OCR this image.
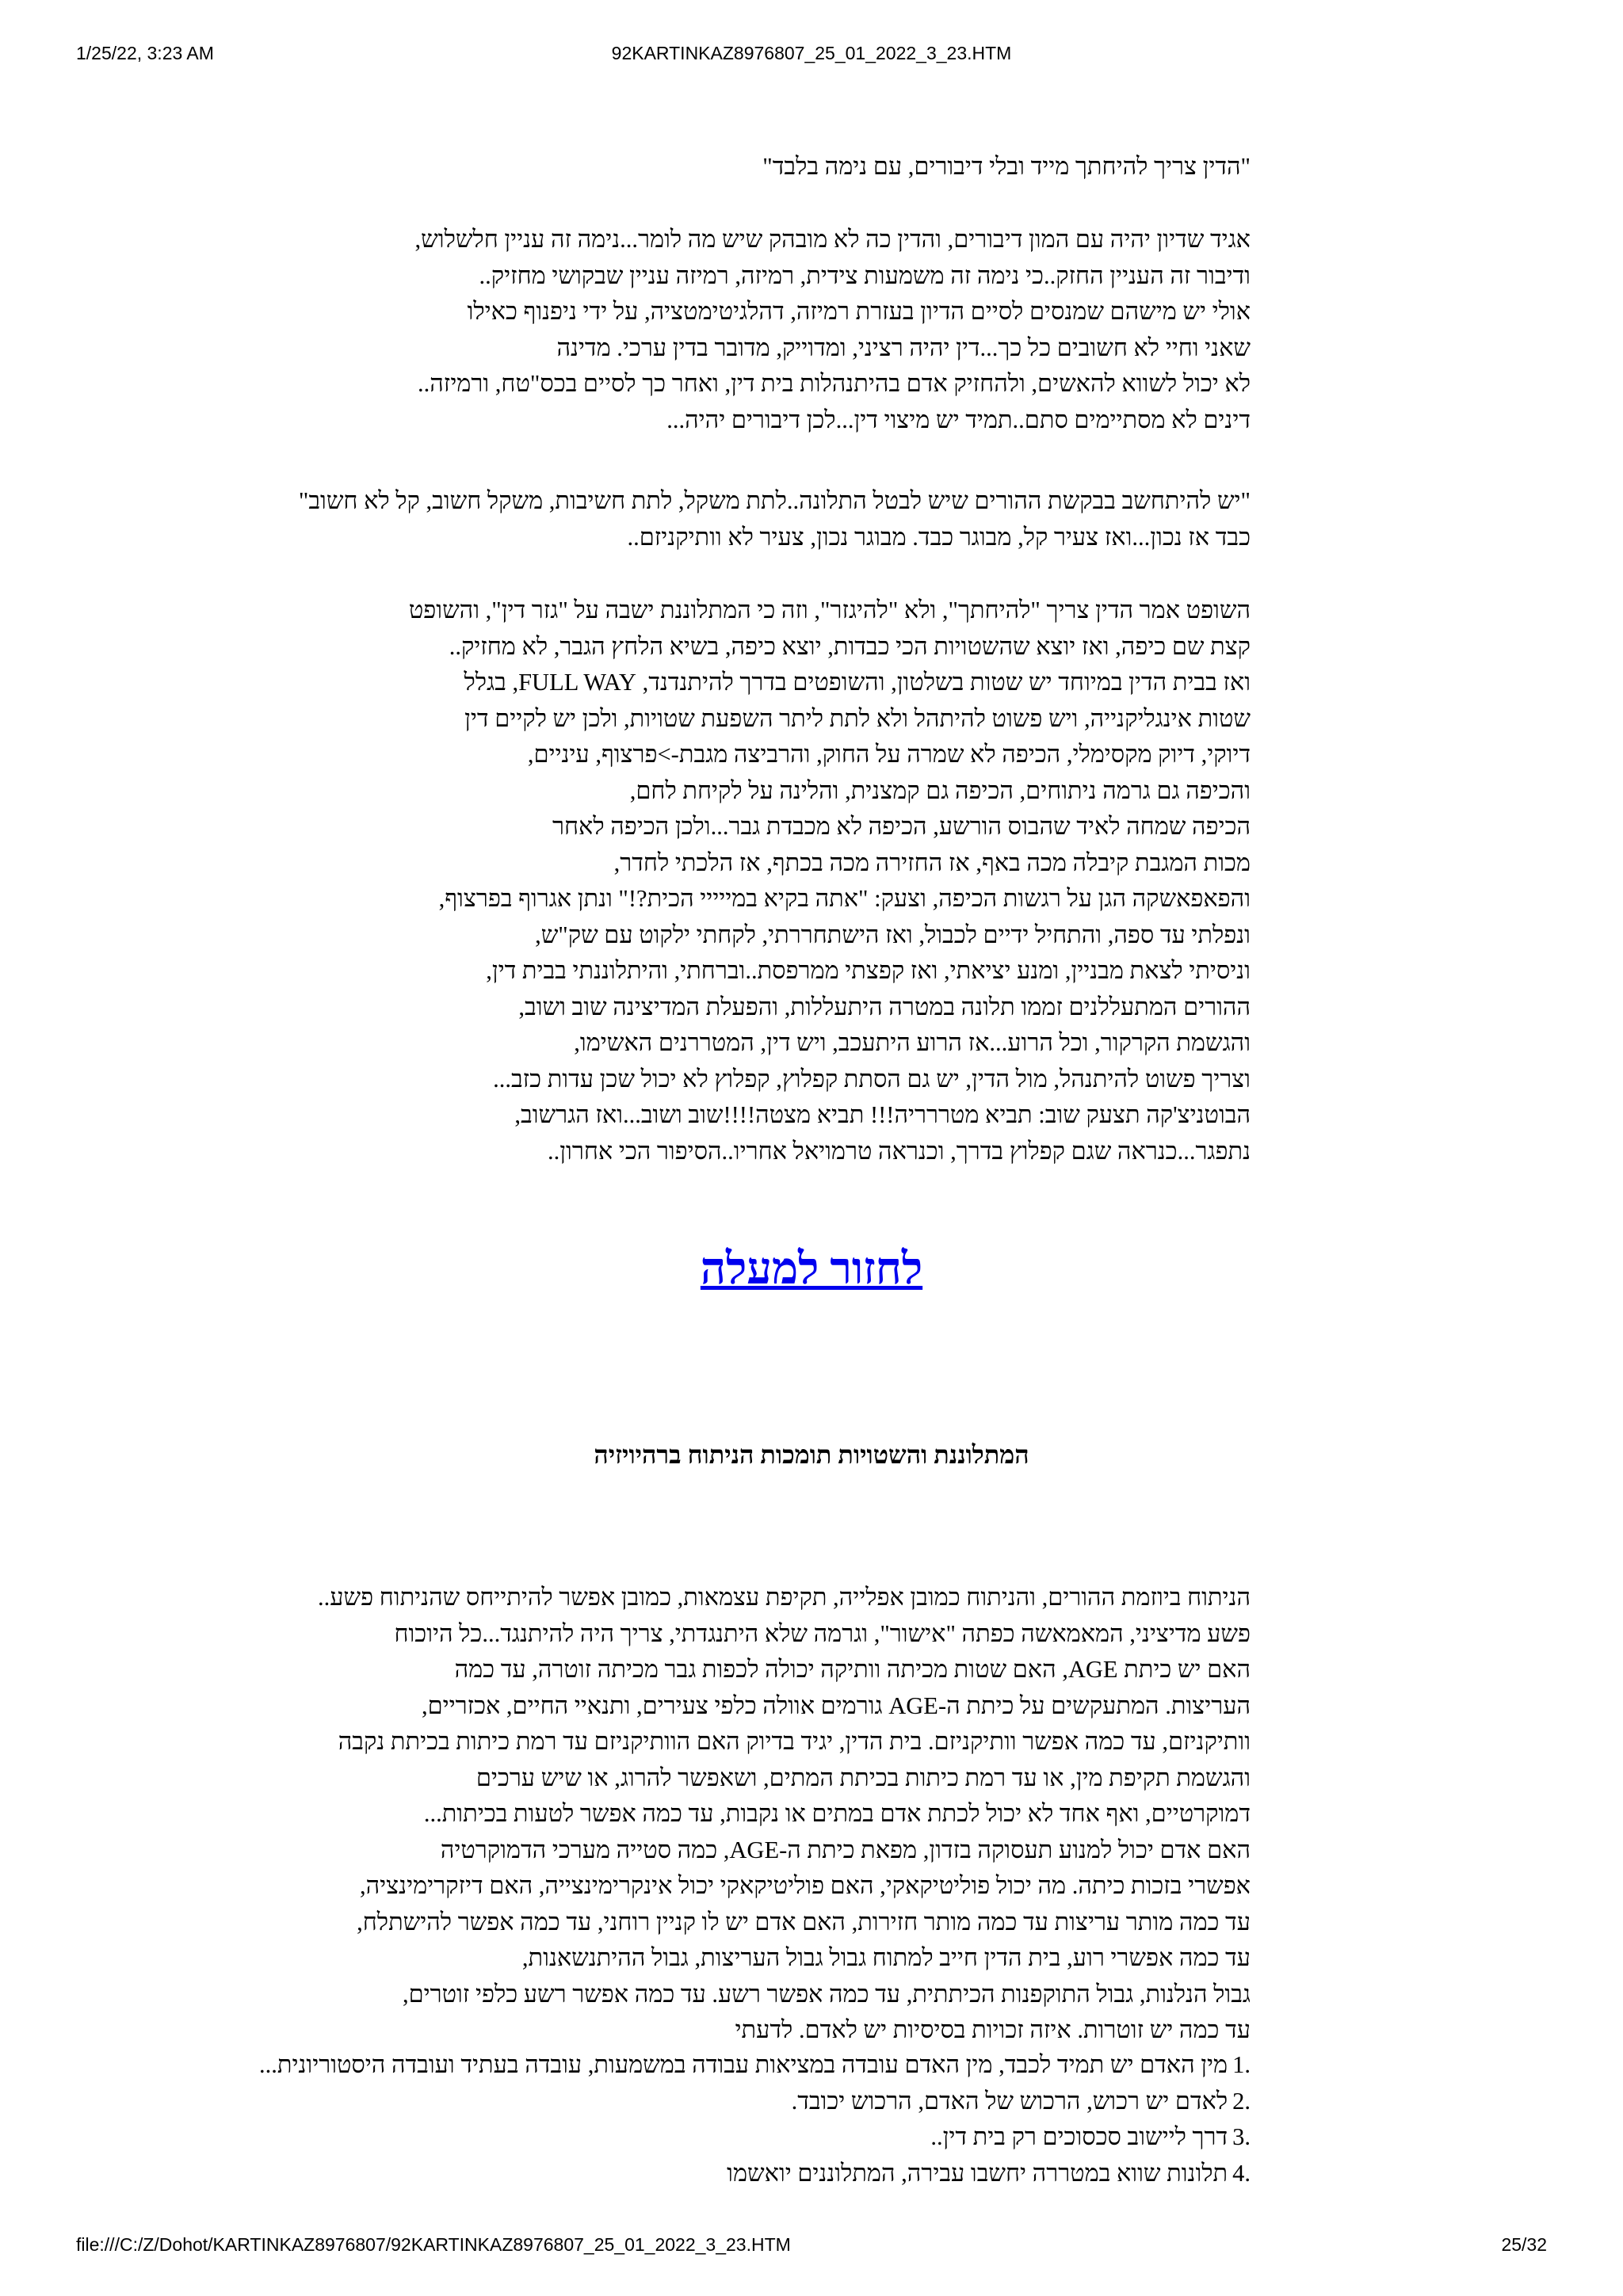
1/25/22, 3:23 AM	92KARTINKAZ8976807_25_01_2022_3_23.HTM
"הדין צריך להיחתך מייד ובלי דיבורים, עם נימה בלבד"
אגיד שדיון יהיה עם המון דיבורים, והדין כה לא מובהק שיש מה לומר...נימה זה עניין חלשלוש,
ודיבור זה העניין החזק..כי נימה זה משמעות צידית, רמיזה, רמיזה עניין שבקושי מחזיק..
אולי יש מישהם שמנסים לסיים הדיון בעזרת רמיזה, דהלגיטימטציה, על ידי ניפנוף כאילו
שאני וחיי לא חשובים כל כך...דין יהיה רציני, ומדוייק, מדובר בדין ערכי. מדינה
לא יכול לשווא להאשים, ולהחזיק אדם בהיתנהלות בית דין, ואחר כך לסיים בכס"טח, ורמיזה..
דינים לא מסתיימים סתם..תמיד יש מיצוי דין...לכן דיבורים יהיה...
"יש להיתחשב בבקשת ההורים שיש לבטל התלונה..לתת משקל, לתת חשיבות, משקל חשוב, קל לא חשוב"
כבד אז נכון...ואז צעיר קל, מבוגר כבד. מבוגר נכון, צעיר לא וותיקניזם..
השופט אמר הדין צריך "להיחתך", ולא "להיגזר", וזה כי המתלוננת ישבה על "גזר דין", והשופט
קצת שם כיפה, ואז יוצא שהשטויות הכי כבדות, יוצא כיפה, בשיא הלחץ הגבר, לא מחזיק..
ואז בבית הדין במיוחד יש שטות בשלטון, והשופטים בדרך להיתנדנד, FULL WAY, בגלל
שטות אינגליקנייה, ויש פשוט להיתהל ולא לתת ליתר השפעת שטויות, ולכן יש לקיים דין
דיוקי, דיוק מקסימלי, הכיפה לא שמרה על החוק, והרביצה מגבת->פרצוף, עיניים,
והכיפה גם גרמה ניתוחים, הכיפה גם קמצנית, והלינה על לקיחת לחם,
הכיפה שמחה לאיד שהבוס הורשע, הכיפה לא מכבדת גבר...ולכן הכיפה לאחר
מכות המגבת קיבלה מכה באף, אז החזירה מכה בכתף, אז הלכתי לחדר,
והפאפאשקה הגן על רגשות הכיפה, וצעק: "אתה בקיא במייייי הכית?!" ונתן אגרוף בפרצוף,
ונפלתי עד ספה, והתחיל ידיים לכבול, ואז הישתחררתי, לקחתי ילקוט עם שק"ש,
וניסיתי לצאת מבניין, ומנע יציאתי, ואז קפצתי ממרפסת..וברחתי, והיתלוננתי בבית דין,
ההורים המתעללנים זממו תלונה במטרה היתעללות, והפעלת המדיצינה שוב ושוב,
והגשמת הקרקור, וכל הרוע...אז הרוע היתעכב, ויש דין, המטררנים האשימו,
וצריך פשוט להיתנהל, מול הדין, יש גם הסתת קפלוץ, קפלוץ לא יכול שכן עדות כזב...
הבוטניצ'קה תצעק שוב: תביא מטררריה!!! תביא מצטה!!!!שוב ושוב...ואז הגרשוב,
נתפגר...כנראה שגם קפלוץ בדרך, וכנראה טרמויאל אחריו..הסיפור הכי אחרון..
לחזור למעלה
המתלוננת והשטויות תומכות הניתוח ברהיויזיה
הניתוח ביוזמת ההורים, והניתוח כמובן אפלייה, תקיפת עצמאות, כמובן אפשר להיתייחס שהניתוח פשע..
פשע מדיציני, המאמאשה כפתה "אישור", וגרמה שלא היתנגדתי, צריך היה להיתנגד...כל היוכוח
האם יש כיתת AGE, האם שטות מכיתה וותיקה יכולה לכפות גבר מכיתה זוטרה, עד כמה
העריצות. המתעקשים על כיתת ה-AGE גורמים אוולה כלפי צעירים, ותנאיי החיים, אכזריים,
וותיקניזם, עד כמה אפשר וותיקניזם. בית הדין, יגיד בדיוק האם הוותיקניזם עד רמת כיתות בכיתת נקבה
והגשמת תקיפת מין, או עד רמת כיתות בכיתת המתים, ושאפשר להרוג, או שיש ערכים
דמוקרטיים, ואף אחד לא יכול לכתת אדם במתים או נקבות, עד כמה אפשר לטעות בכיתות...
האם אדם יכול למנוע תעסוקה בזדון, מפאת כיתת ה-AGE, כמה סטייה מערכי הדמוקרטיה
אפשרי בזכות כיתה. מה יכול פוליטיקאקי, האם פוליטיקאקי יכול אינקרימינצייה, האם דיזקרימינציה,
עד כמה מותר עריצות עד כמה מותר חזירות, האם אדם יש לו קניין רוחני, עד כמה אפשר להישתלח,
עד כמה אפשרי רוע, בית הדין חייב למתוח גבול גבול העריצות, גבול ההיתנשאנות,
גבול הנלנות, גבול התוקפנות הכיתתית, עד כמה אפשר רשע. עד כמה אפשר רשע כלפי זוטרים,
עד כמה יש זוטרות. איזה זכויות בסיסיות יש לאדם. לדעתי
1.מין האדם יש תמיד לכבד, מין האדם עובדה במציאות עבודה במשמעות, עובדה בעתיד ועובדה היסטוריונית...
2.לאדם יש רכוש, הרכוש של האדם, הרכוש יכובד.
3.דרך ליישוב סכסוכים רק בית דין..
4.תלונות שווא במטררה יחשבו עבירה, המתלוננים יואשמו
file:///C:/Z/Dohot/KARTINKAZ8976807/92KARTINKAZ8976807_25_01_2022_3_23.HTM	25/32
